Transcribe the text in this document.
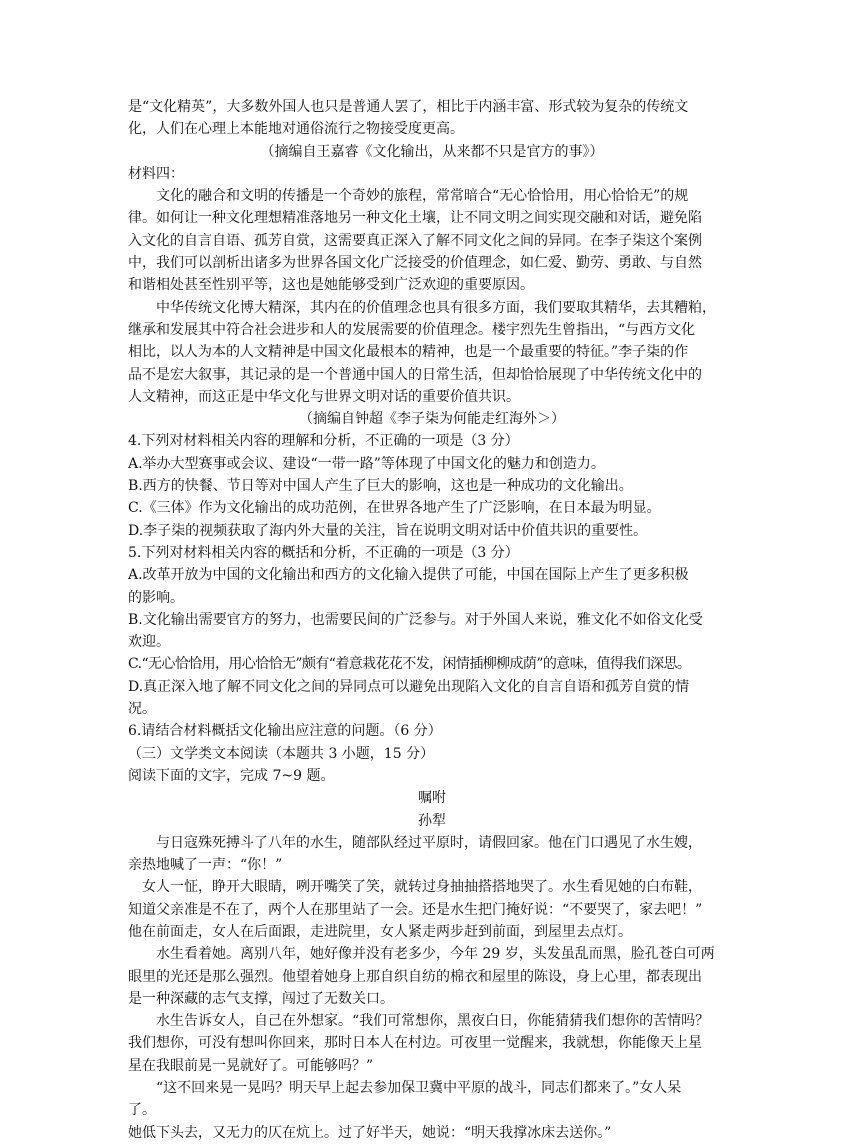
是“文化精英”，大多数外国人也只是普通人罢了，相比于内涵丰富、形式较为复杂的传统文
化，人们在心理上本能地对通俗流行之物接受度更高。
（摘编自王嘉睿《文化输出，从来都不只是官方的事》）
材料四：
文化的融合和文明的传播是一个奇妙的旅程，常常暗合“无心恰恰用，用心恰恰无”的规
律。如何让一种文化理想精准落地另一种文化土壤，让不同文明之间实现交融和对话，避免陷
入文化的自言自语、孤芳自赏，这需要真正深入了解不同文化之间的异同。在李子柒这个案例
中，我们可以剖析出诸多为世界各国文化广泛接受的价值理念，如仁爱、勤劳、勇敢、与自然
和谐相处甚至性别平等，这也是她能够受到广泛欢迎的重要原因。
中华传统文化博大精深，其内在的价值理念也具有很多方面，我们要取其精华，去其糟粕，
继承和发展其中符合社会进步和人的发展需要的价值理念。楼宇烈先生曾指出，“与西方文化
相比，以人为本的人文精神是中国文化最根本的精神，也是一个最重要的特征。”李子柒的作
品不是宏大叙事，其记录的是一个普通中国人的日常生活，但却恰恰展现了中华传统文化中的
人文精神，而这正是中华文化与世界文明对话的重要价值共识。
（摘编自钟超《李子柒为何能走红海外＞）
4.下列对材料相关内容的理解和分析，不正确的一项是（3 分）
A.举办大型赛事或会议、建设“一带一路”等体现了中国文化的魅力和创造力。
B.西方的快餐、节日等对中国人产生了巨大的影响，这也是一种成功的文化输出。
C.《三体》作为文化输出的成功范例，在世界各地产生了广泛影响，在日本最为明显。
D.李子柒的视频获取了海内外大量的关注，旨在说明文明对话中价值共识的重要性。
5.下列对材料相关内容的概括和分析，不正确的一项是（3 分）
A.改革开放为中国的文化输出和西方的文化输入提供了可能，中国在国际上产生了更多积极
的影响。
B.文化输出需要官方的努力，也需要民间的广泛参与。对于外国人来说，雅文化不如俗文化受
欢迎。
C.“无心恰恰用，用心恰恰无”颇有“着意栽花花不发，闲情插柳柳成荫”的意味，值得我们深思。
D.真正深入地了解不同文化之间的异同点可以避免出现陷入文化的自言自语和孤芳自赏的情
况。
6.请结合材料概括文化输出应注意的问题。（6 分）
（三）文学类文本阅读（本题共 3 小题，15 分）
阅读下面的文字，完成 7~9 题。
嘱咐
孙犁
与日寇殊死搏斗了八年的水生，随部队经过平原时，请假回家。他在门口遇见了水生嫂，
亲热地喊了一声：“你！”
女人一怔，睁开大眼睛，咧开嘴笑了笑，就转过身抽抽搭搭地哭了。水生看见她的白布鞋，
知道父亲准是不在了，两个人在那里站了一会。还是水生把门掩好说：“不要哭了，家去吧！”
他在前面走，女人在后面跟，走进院里，女人紧走两步赶到前面，到屋里去点灯。
水生看着她。离别八年，她好像并没有老多少，今年 29 岁，头发虽乱而黑，脸孔苍白可两
眼里的光还是那么强烈。他望着她身上那自织自纺的棉衣和屋里的陈设，身上心里，都表现出
是一种深藏的志气支撑，闯过了无数关口。
水生告诉女人，自己在外想家。“我们可常想你，黑夜白日，你能猜猜我们想你的苦情吗？
我们想你，可没有想叫你回来，那时日本人在村边。可夜里一觉醒来，我就想，你能像天上星
星在我眼前晃一晃就好了。可能够吗？”
“这不回来晃一晃吗？明天早上起去参加保卫冀中平原的战斗，同志们都来了。”女人呆
了。
她低下头去，又无力的仄在炕上。过了好半天，她说：“明天我撑冰床去送你。”
